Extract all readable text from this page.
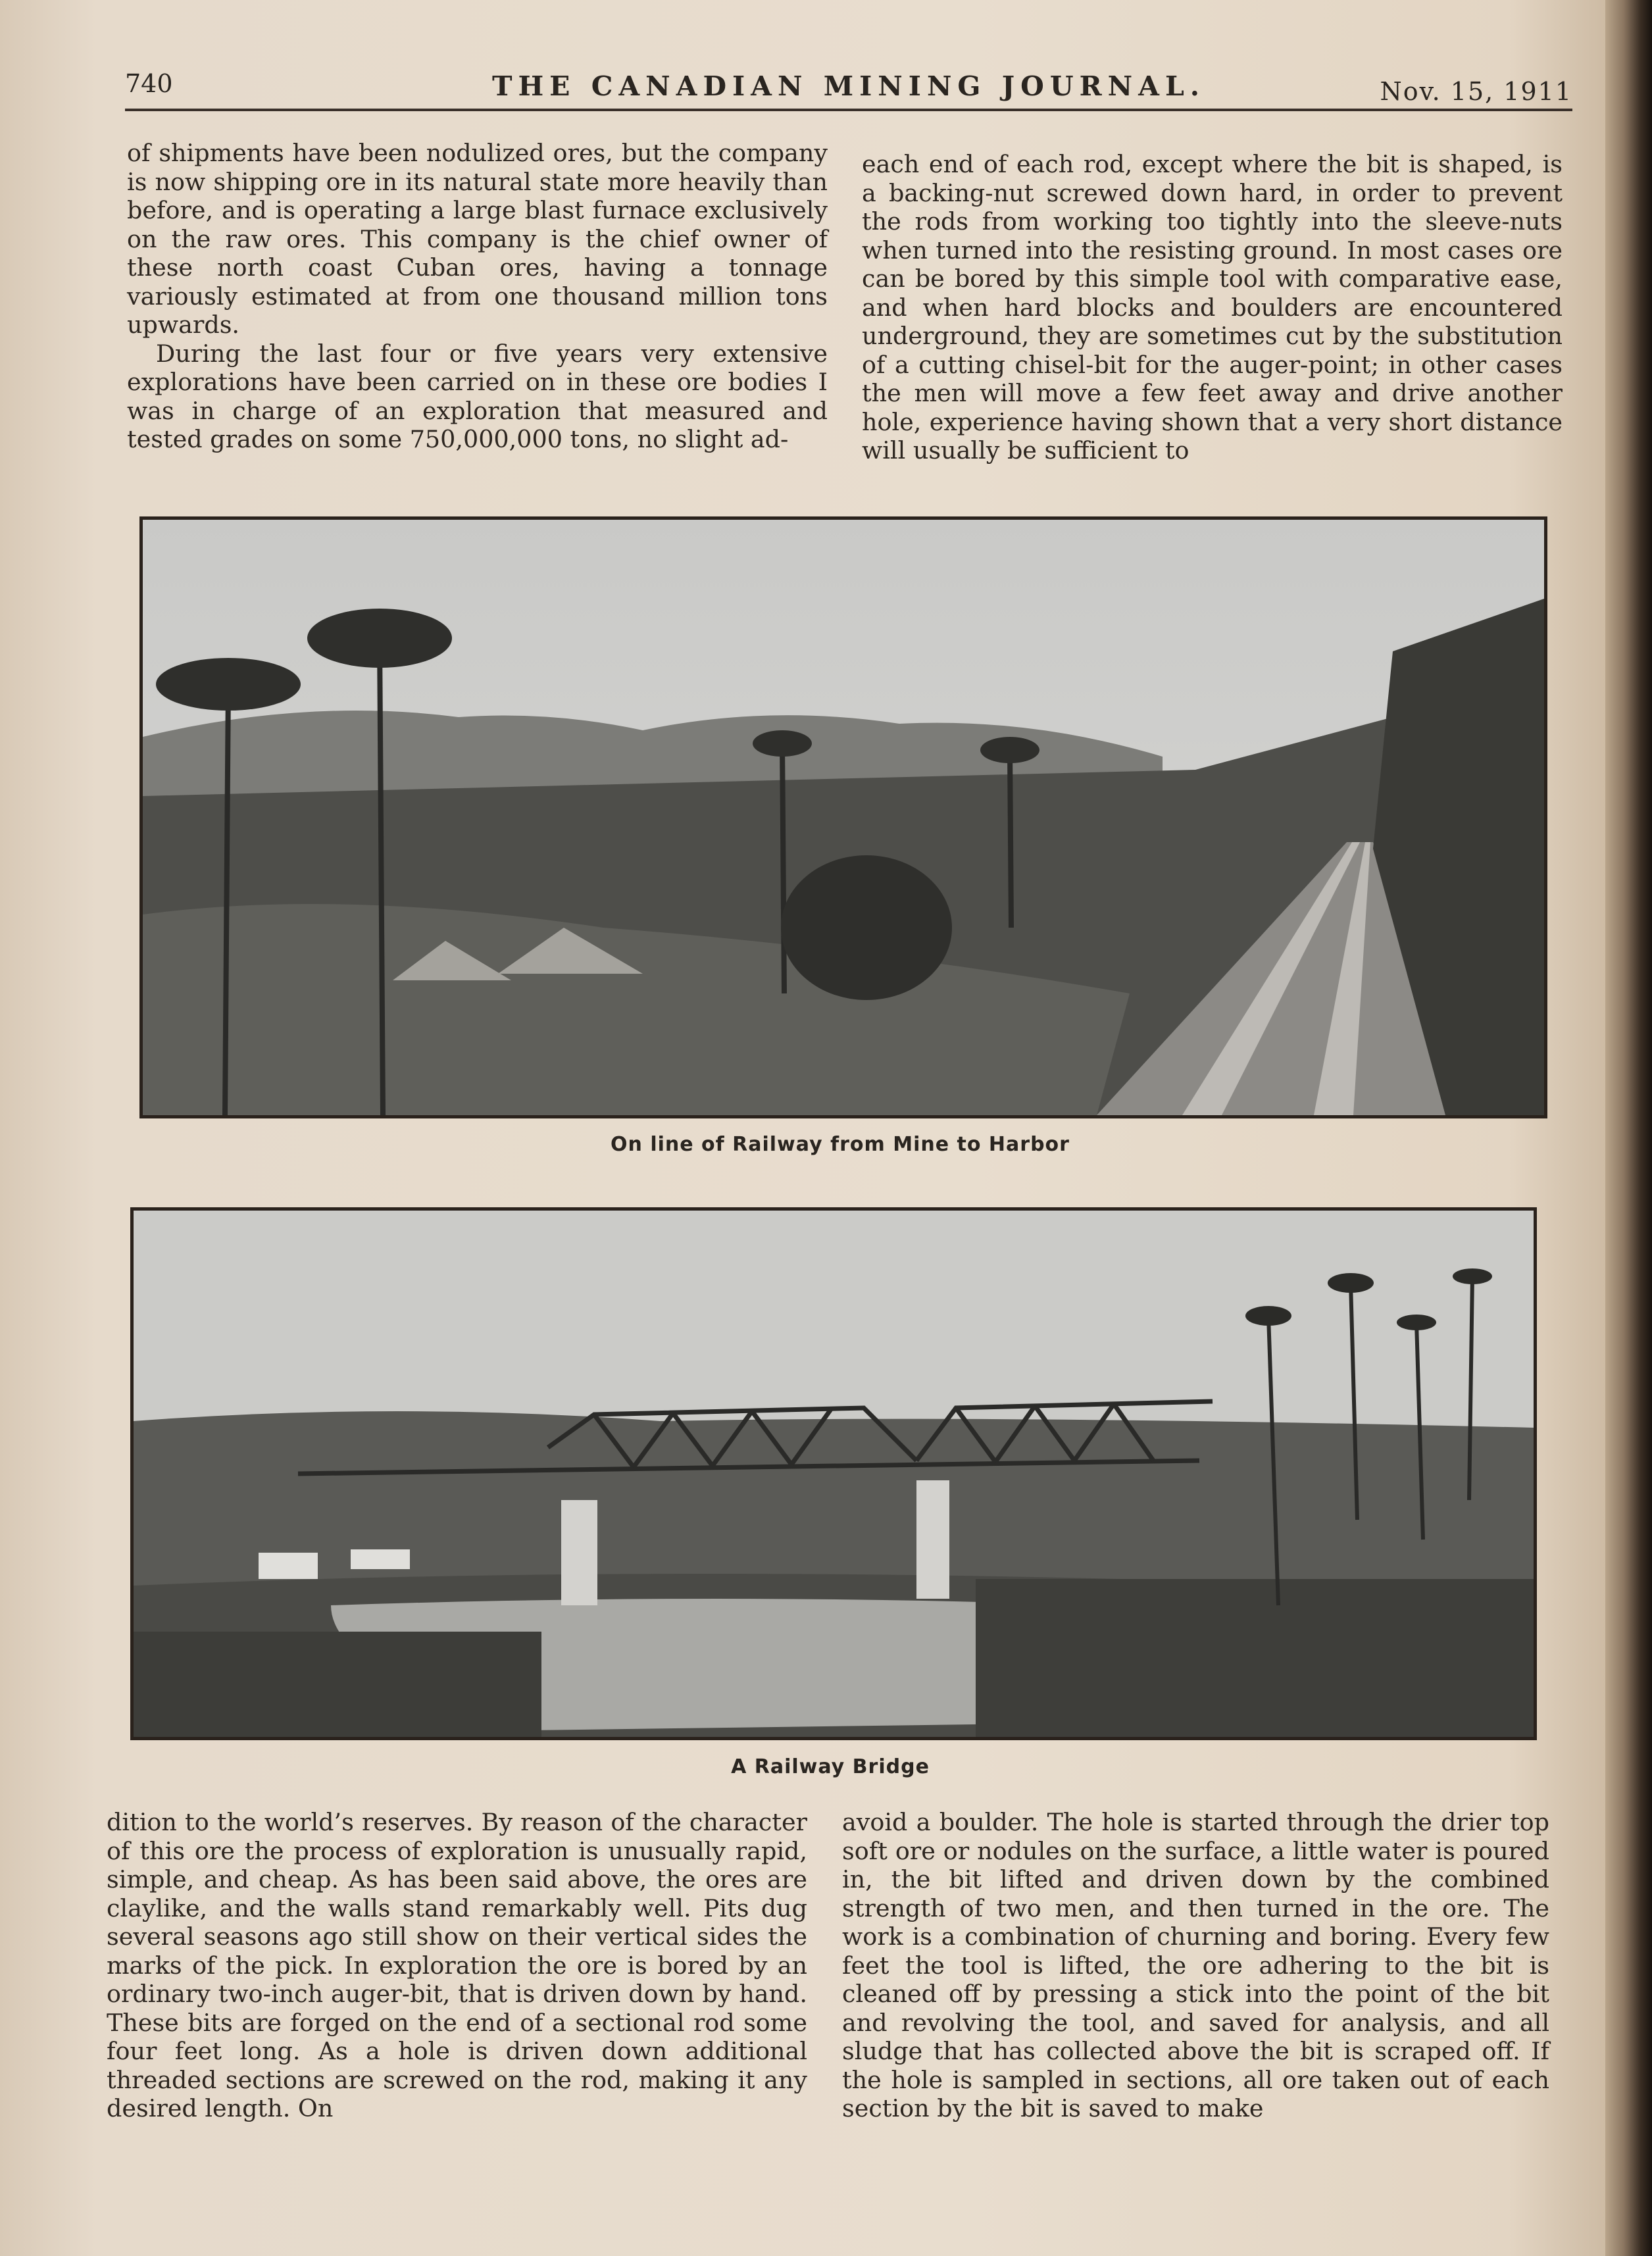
740	THE CANADIAN MINING JOURNAL.	Nov. 15, 1911

of shipments have been nodulized ores, but the company is now shipping ore in its natural state more heavily than before, and is operating a large blast furnace exclusively on the raw ores. This company is the chief owner of these north coast Cuban ores, having a tonnage variously estimated at from one thousand million tons upwards.

During the last four or five years very extensive explorations have been carried on in these ore bodies I was in charge of an exploration that measured and tested grades on some 750,000,000 tons, no slight ad-

each end of each rod, except where the bit is shaped, is a backing-nut screwed down hard, in order to prevent the rods from working too tightly into the sleeve-nuts when turned into the resisting ground. In most cases ore can be bored by this simple tool with comparative ease, and when hard blocks and boulders are encountered underground, they are sometimes cut by the substitution of a cutting chisel-bit for the auger-point; in other cases the men will move a few feet away and drive another hole, experience having shown that a very short distance will usually be sufficient to

On line of Railway from Mine to Harbor
A Railway Bridge

dition to the world’s reserves. By reason of the character of this ore the process of exploration is unusually rapid, simple, and cheap. As has been said above, the ores are claylike, and the walls stand remarkably well. Pits dug several seasons ago still show on their vertical sides the marks of the pick. In exploration the ore is bored by an ordinary two-inch auger-bit, that is driven down by hand. These bits are forged on the end of a sectional rod some four feet long. As a hole is driven down additional threaded sections are screwed on the rod, making it any desired length. On

avoid a boulder. The hole is started through the drier top soft ore or nodules on the surface, a little water is poured in, the bit lifted and driven down by the combined strength of two men, and then turned in the ore. The work is a combination of churning and boring. Every few feet the tool is lifted, the ore adhering to the bit is cleaned off by pressing a stick into the point of the bit and revolving the tool, and saved for analysis, and all sludge that has collected above the bit is scraped off. If the hole is sampled in sections, all ore taken out of each section by the bit is saved to make
